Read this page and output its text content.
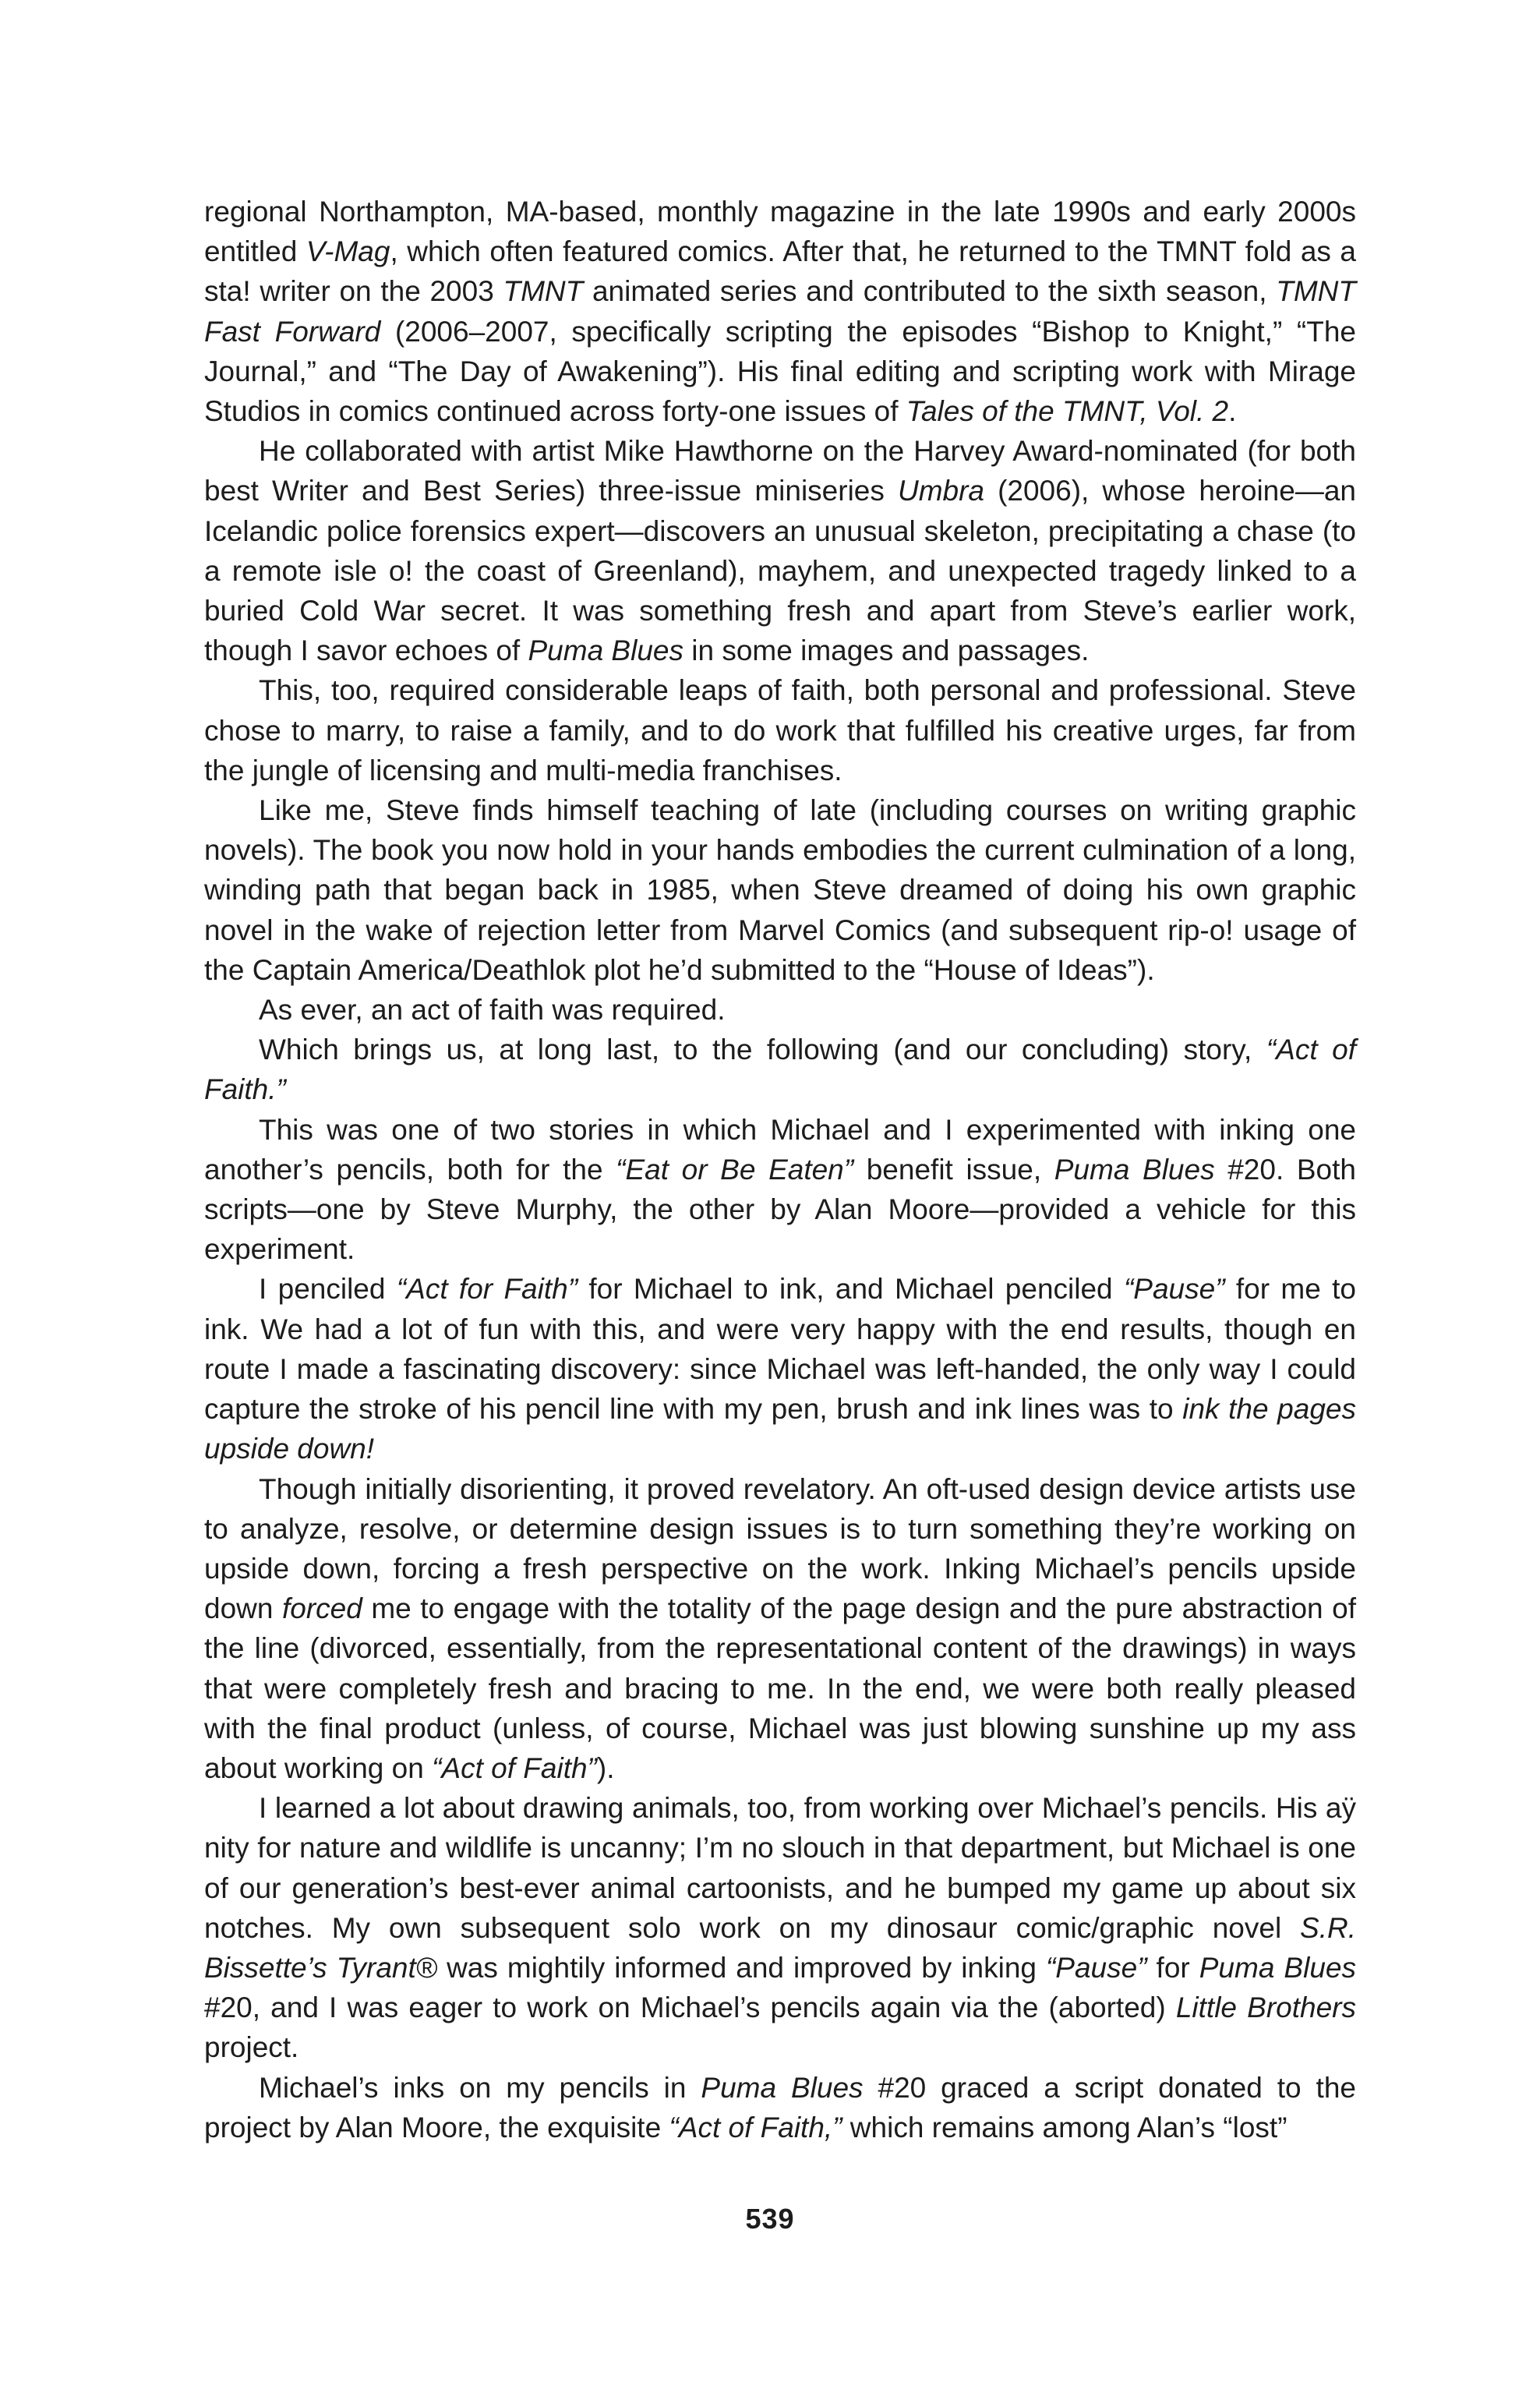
regional Northampton, MA-based, monthly magazine in the late 1990s and early 2000s entitled V-Mag, which often featured comics. After that, he returned to the TMNT fold as a sta! writer on the 2003 TMNT animated series and contributed to the sixth season, TMNT Fast Forward (2006–2007, specifically scripting the episodes “Bishop to Knight,” “The Journal,” and “The Day of Awakening”). His final editing and scripting work with Mirage Studios in comics continued across forty-one issues of Tales of the TMNT, Vol. 2.

He collaborated with artist Mike Hawthorne on the Harvey Award-nominated (for both best Writer and Best Series) three-issue miniseries Umbra (2006), whose heroine—an Icelandic police forensics expert—discovers an unusual skeleton, precipitating a chase (to a remote isle o! the coast of Greenland), mayhem, and unexpected tragedy linked to a buried Cold War secret. It was something fresh and apart from Steve’s earlier work, though I savor echoes of Puma Blues in some images and passages.

This, too, required considerable leaps of faith, both personal and professional. Steve chose to marry, to raise a family, and to do work that fulfilled his creative urges, far from the jungle of licensing and multi-media franchises.

Like me, Steve finds himself teaching of late (including courses on writing graphic novels). The book you now hold in your hands embodies the current culmination of a long, winding path that began back in 1985, when Steve dreamed of doing his own graphic novel in the wake of rejection letter from Marvel Comics (and subsequent rip-o! usage of the Captain America/Deathlok plot he’d submitted to the “House of Ideas”).

As ever, an act of faith was required.

Which brings us, at long last, to the following (and our concluding) story, “Act of Faith.”

This was one of two stories in which Michael and I experimented with inking one another’s pencils, both for the “Eat or Be Eaten” benefit issue, Puma Blues #20. Both scripts—one by Steve Murphy, the other by Alan Moore—provided a vehicle for this experiment.

I penciled “Act for Faith” for Michael to ink, and Michael penciled “Pause” for me to ink. We had a lot of fun with this, and were very happy with the end results, though en route I made a fascinating discovery: since Michael was left-handed, the only way I could capture the stroke of his pencil line with my pen, brush and ink lines was to ink the pages upside down!

Though initially disorienting, it proved revelatory. An oft-used design device artists use to analyze, resolve, or determine design issues is to turn something they’re working on upside down, forcing a fresh perspective on the work. Inking Michael’s pencils upside down forced me to engage with the totality of the page design and the pure abstraction of the line (divorced, essentially, from the representational content of the drawings) in ways that were completely fresh and bracing to me. In the end, we were both really pleased with the final product (unless, of course, Michael was just blowing sunshine up my ass about working on “Act of Faith”).

I learned a lot about drawing animals, too, from working over Michael’s pencils. His aÿ nity for nature and wildlife is uncanny; I’m no slouch in that department, but Michael is one of our generation’s best-ever animal cartoonists, and he bumped my game up about six notches. My own subsequent solo work on my dinosaur comic/graphic novel S.R. Bissette’s Tyrant® was mightily informed and improved by inking “Pause” for Puma Blues #20, and I was eager to work on Michael’s pencils again via the (aborted) Little Brothers project.

Michael’s inks on my pencils in Puma Blues #20 graced a script donated to the project by Alan Moore, the exquisite “Act of Faith,” which remains among Alan’s “lost”

539
